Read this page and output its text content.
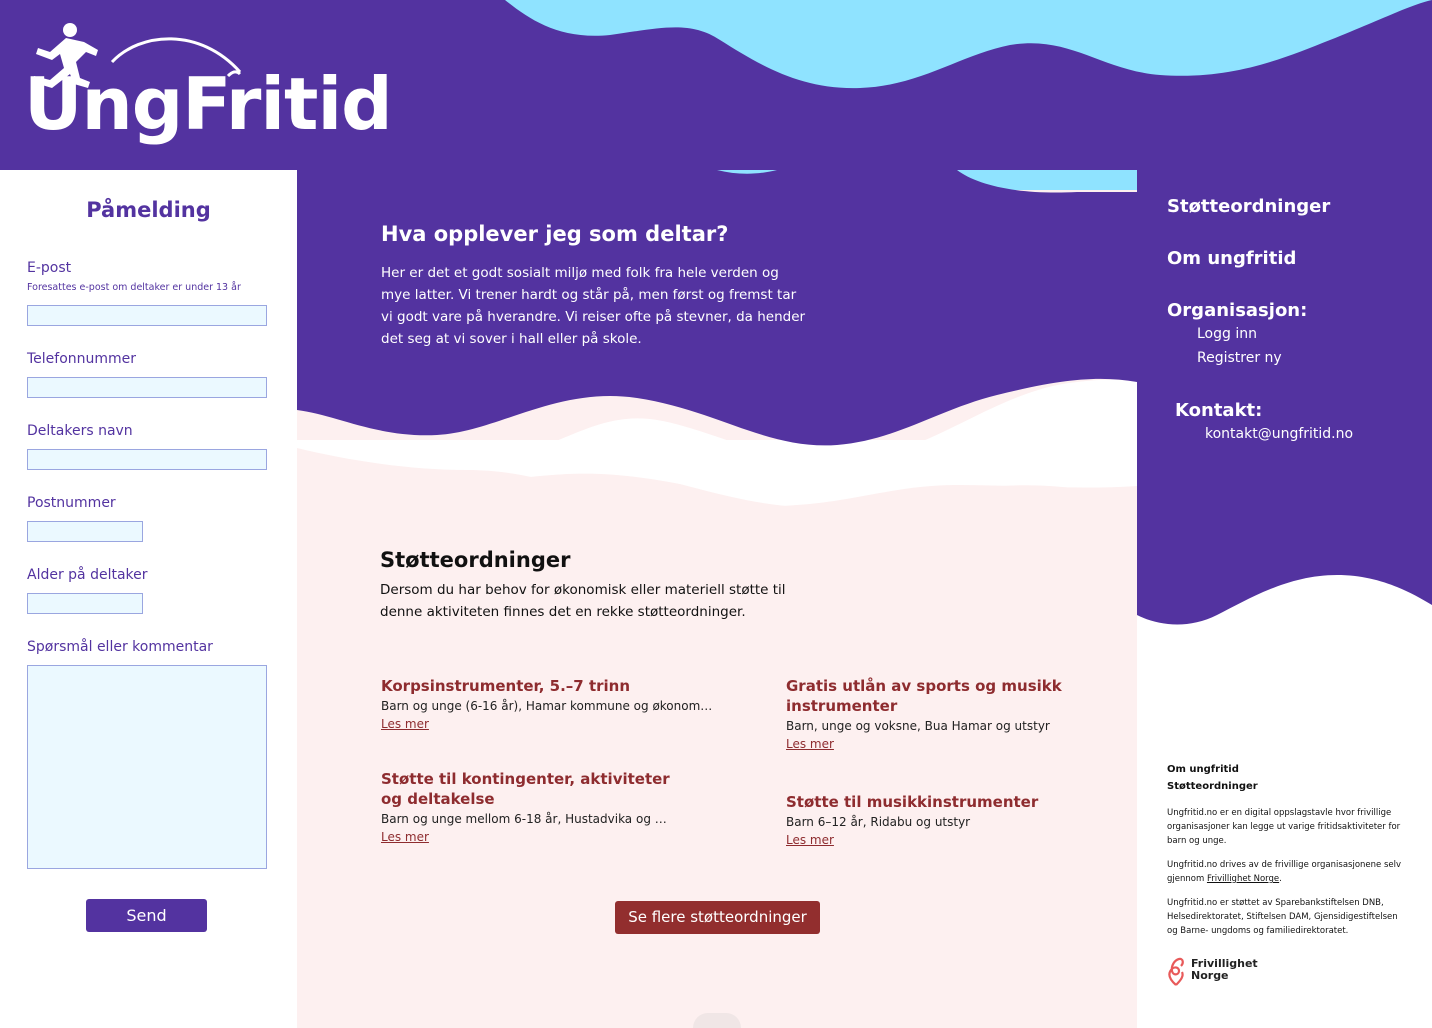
UngFritid
Påmelding
E-post
Foresattes e-post om deltaker er under 13 år
Telefonnummer
Deltakers navn
Postnummer
Alder på deltaker
Spørsmål eller kommentar
Send
Hva opplever jeg som deltar?
Her er det et godt sosialt miljø med folk fra hele verden og mye latter. Vi trener hardt og står på, men først og fremst tar vi godt vare på hverandre. Vi reiser ofte på stevner, da hender det seg at vi sover i hall eller på skole.
Støtteordninger
Dersom du har behov for økonomisk eller materiell støtte til denne aktiviteten finnes det en rekke støtteordninger.
Korpsinstrumenter, 5.–7 trinn
Barn og unge (6-16 år), Hamar kommune og økonom…
Les mer
Gratis utlån av sports og musikk instrumenter
Barn, unge og voksne, Bua Hamar og utstyr
Les mer
Støtte til kontingenter, aktiviteter og deltakelse
Barn og unge mellom 6-18 år, Hustadvika og …
Les mer
Støtte til musikkinstrumenter
Barn 6–12 år, Ridabu og utstyr
Les mer
Se flere støtteordninger
Støtteordninger
Om ungfritid
Organisasjon:
Logg inn
Registrer ny
Kontakt:
kontakt@ungfritid.no
Om ungfritid
Støtteordninger
Ungfritid.no er en digital oppslagstavle hvor frivillige organisasjoner kan legge ut varige fritidsaktiviteter for barn og unge.
Ungfritid.no drives av de frivillige organisasjonene selv gjennom Frivillighet Norge.
Ungfritid.no er støttet av Sparebankstiftelsen DNB, Helsedirektoratet, Stiftelsen DAM, Gjensidigestiftelsen og Barne- ungdoms og familiedirektoratet.
Frivillighet
Norge
